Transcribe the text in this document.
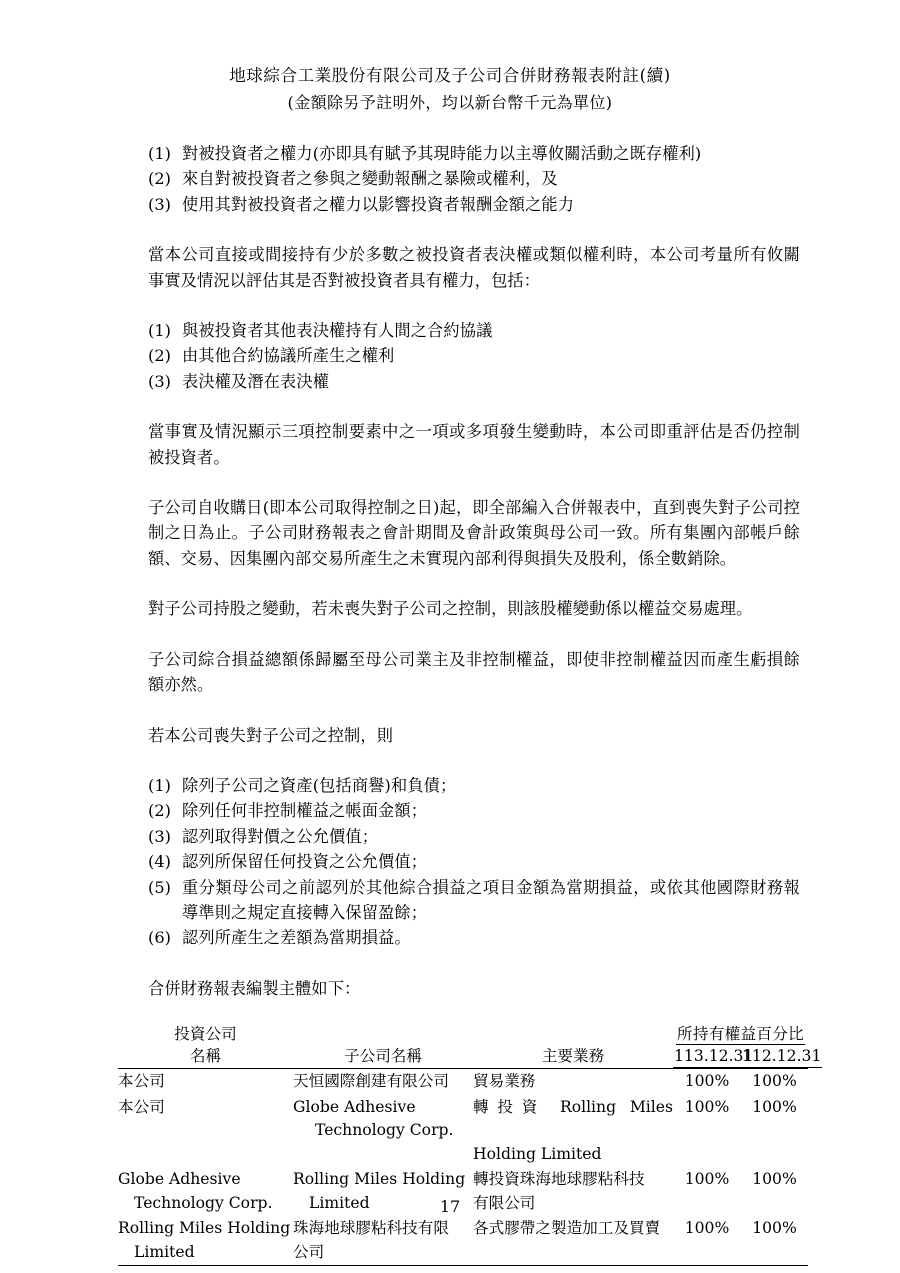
地球綜合工業股份有限公司及子公司合併財務報表附註(續)
(金額除另予註明外，均以新台幣千元為單位)
(1) 對被投資者之權力(亦即具有賦予其現時能力以主導攸關活動之既存權利)
(2) 來自對被投資者之參與之變動報酬之暴險或權利，及
(3) 使用其對被投資者之權力以影響投資者報酬金額之能力

當本公司直接或間接持有少於多數之被投資者表決權或類似權利時，本公司考量所有攸關事實及情況以評估其是否對被投資者具有權力，包括：

(1) 與被投資者其他表決權持有人間之合約協議
(2) 由其他合約協議所產生之權利
(3) 表決權及潛在表決權

當事實及情況顯示三項控制要素中之一項或多項發生變動時，本公司即重評估是否仍控制被投資者。

子公司自收購日(即本公司取得控制之日)起，即全部編入合併報表中，直到喪失對子公司控制之日為止。子公司財務報表之會計期間及會計政策與母公司一致。所有集團內部帳戶餘額、交易、因集團內部交易所產生之未實現內部利得與損失及股利，係全數銷除。

對子公司持股之變動，若未喪失對子公司之控制，則該股權變動係以權益交易處理。

子公司綜合損益總額係歸屬至母公司業主及非控制權益，即使非控制權益因而產生虧損餘額亦然。

若本公司喪失對子公司之控制，則

(1) 除列子公司之資產(包括商譽)和負債；
(2) 除列任何非控制權益之帳面金額；
(3) 認列取得對價之公允價值；
(4) 認列所保留任何投資之公允價值；
(5) 重分類母公司之前認列於其他綜合損益之項目金額為當期損益，或依其他國際財務報導準則之規定直接轉入保留盈餘；
(6) 認列所產生之差額為當期損益。

合併財務報表編製主體如下：

投資公司			所持有權益百分比	
名稱	子公司名稱	主要業務	113.12.31	112.12.31

本公司	天恒國際創建有限公司	貿易業務	100%	100%

本公司	Globe Adhesive
Technology Corp.	轉投資 Rolling Miles
Holding Limited	100%	100%

Globe Adhesive
Technology Corp.	Rolling Miles Holding
Limited	轉投資珠海地球膠粘科技
有限公司	100%	100%

Rolling Miles Holding
Limited	珠海地球膠粘科技有限
公司	各式膠帶之製造加工及買賣	100%	100%

17
